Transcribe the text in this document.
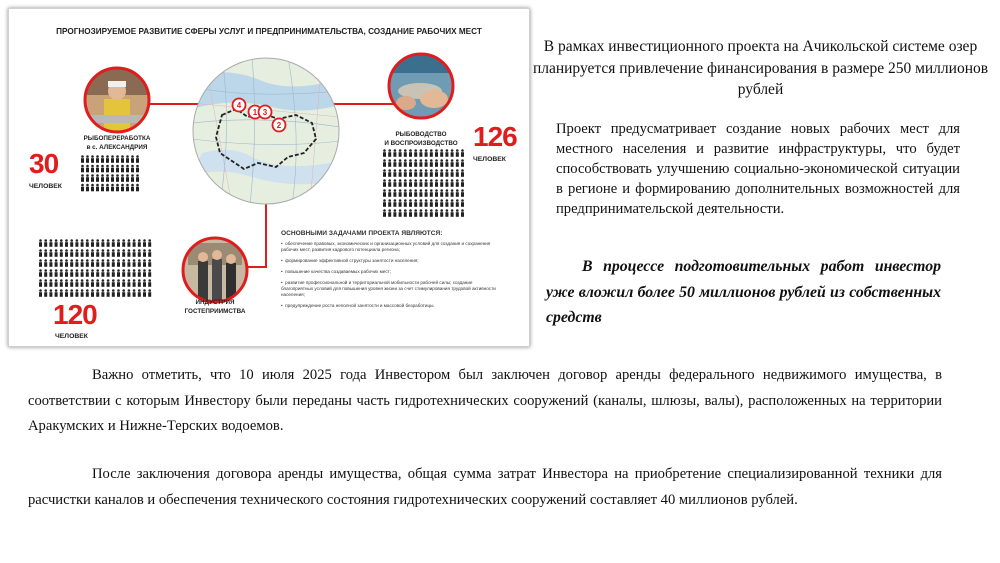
ПРОГНОЗИРУЕМОЕ РАЗВИТИЕ СФЕРЫ УСЛУГ И ПРЕДПРИНИМАТЕЛЬСТВА, СОЗДАНИЕ РАБОЧИХ МЕСТ
4
1 3
2
РЫБОПЕРЕРАБОТКА
в с. АЛЕКСАНДРИЯ
30
ЧЕЛОВЕК
РЫБОВОДСТВО
И ВОСПРОИЗВОДСТВО 126
ЧЕЛОВЕК
ИНДУСТРИЯ
ГОСТЕПРИИМСТВА
120
ЧЕЛОВЕК
ОСНОВНЫМИ ЗАДАЧАМИ ПРОЕКТА ЯВЛЯЮТСЯ:
•  обеспечение правовых, экономических и организационных условий для создания и сохранения рабочих мест, развития кадрового потенциала региона;
•  формирование эффективной структуры занятости населения;
•  повышение качества создаваемых рабочих мест;
•  развитие профессиональной и территориальной мобильности рабочей силы; создание благоприятных условий для повышения уровня жизни за счет стимулирования трудовой активности населения;
•  предупреждение роста неполной занятости и массовой безработицы.
В рамках инвестиционного проекта на Ачикольской системе озер планируется привлечение финансирования в размере 250 миллионов рублей
Проект предусматривает создание новых рабочих мест для местного населения и развитие инфраструктуры, что будет способствовать улучшению социально-экономической ситуации в регионе и формированию дополнительных возможностей для предпринимательской деятельности.
В процессе подготовительных работ инвестор уже вложил более 50 миллионов рублей из собственных средств
Важно отметить, что 10 июля 2025 года Инвестором был заключен договор аренды федерального недвижимого имущества, в соответствии с которым Инвестору были переданы часть гидротехнических сооружений (каналы, шлюзы, валы), расположенных на территории Аракумских и Нижне-Терских водоемов.
После заключения договора аренды имущества, общая сумма затрат Инвестора на приобретение специализированной техники для расчистки каналов и обеспечения технического состояния гидротехнических сооружений составляет 40 миллионов рублей.
